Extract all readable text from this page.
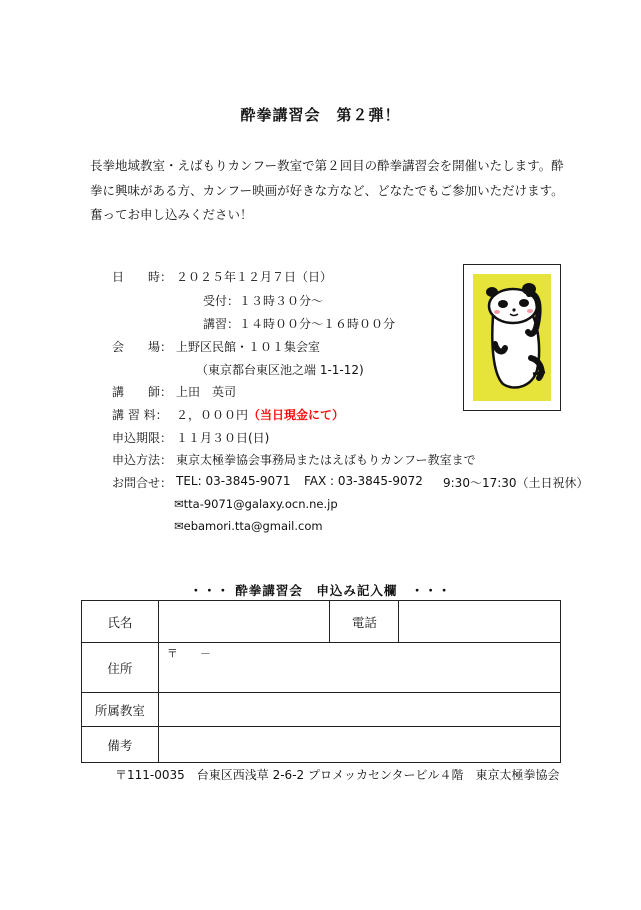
酔拳講習会　第２弾！
長拳地域教室・えばもりカンフー教室で第２回目の酔拳講習会を開催いたします。酔
拳に興味がある方、カンフー映画が好きな方など、どなたでもご参加いただけます。
奮ってお申し込みください！
日　　時： ２０２５年１２月７日（日）
受付：１３時３０分～
講習：１４時００分～１６時００分
会　　場： 上野区民館・１０１集会室
（東京都台東区池之端 1-1-12)
講　　師： 上田　英司
講 習 料： ２，０００円（当日現金にて）
申込期限： １１月３０日(日)
申込方法： 東京太極拳協会事務局またはえばもりカンフー教室まで
お問合せ： TEL: 03-3845-9071 FAX : 03-3845-9072 9:30～17:30（土日祝休）
✉tta-9071@galaxy.ocn.ne.jp
✉ebamori.tta@gmail.com
・・・ 酔拳講習会　申込み記入欄　・・・
氏名		電話	
住所	〒　　－		
所属教室			
備考			
〒111-0035　台東区西浅草 2-6-2 プロメッカセンタービル４階　東京太極拳協会
